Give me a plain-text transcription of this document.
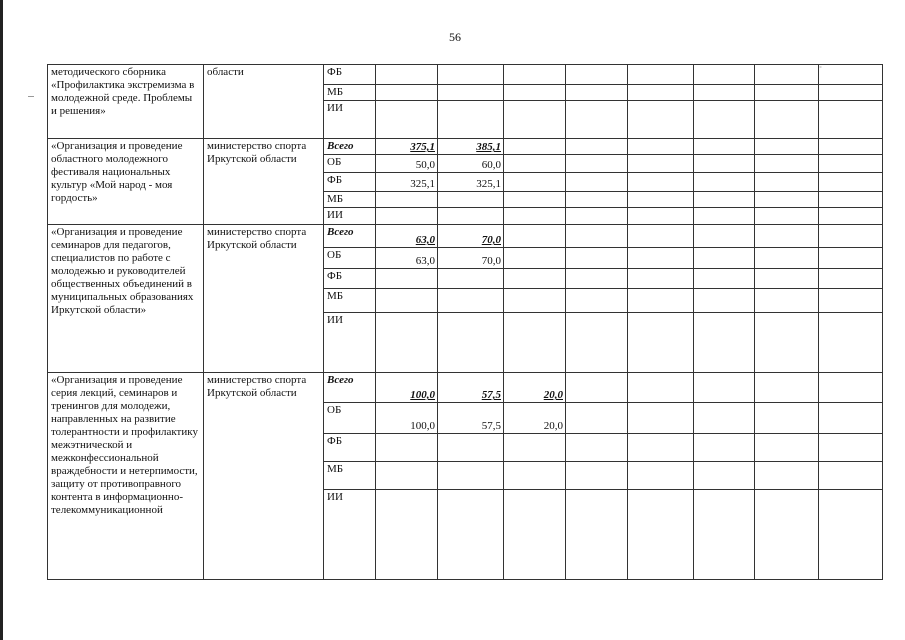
56
˚
методического сборника «Профилактика экстремизма в молодежной среде. Проблемы и решения»	области	ФБ									
		МБ									
		ИИ									
«Организация и проведение областного молодежного фестиваля национальных культур «Мой народ - моя гордость»	министерство спорта Иркутской области	Всего	375,1	385,1							
		ОБ	50,0	60,0							
		ФБ	325,1	325,1							
		МБ									
		ИИ									
«Организация и проведение семинаров для педагогов, специалистов по работе с молодежью и руководителей общественных объединений в муниципальных образованиях Иркутской области»	министерство спорта Иркутской области	Всего	63,0	70,0							
		ОБ	63,0	70,0							
		ФБ									
		МБ									
		ИИ									
«Организация и проведение серия лекций, семинаров и тренингов для молодежи, направленных на развитие толерантности и профилактику межэтнической и межконфессиональной враждебности и нетерпимости, защиту от противоправного контента в информационно-телекоммуникационной	министерство спорта Иркутской области	Всего	100,0	57,5	20,0						
		ОБ	100,0	57,5	20,0						
		ФБ									
		МБ									
		ИИ									
